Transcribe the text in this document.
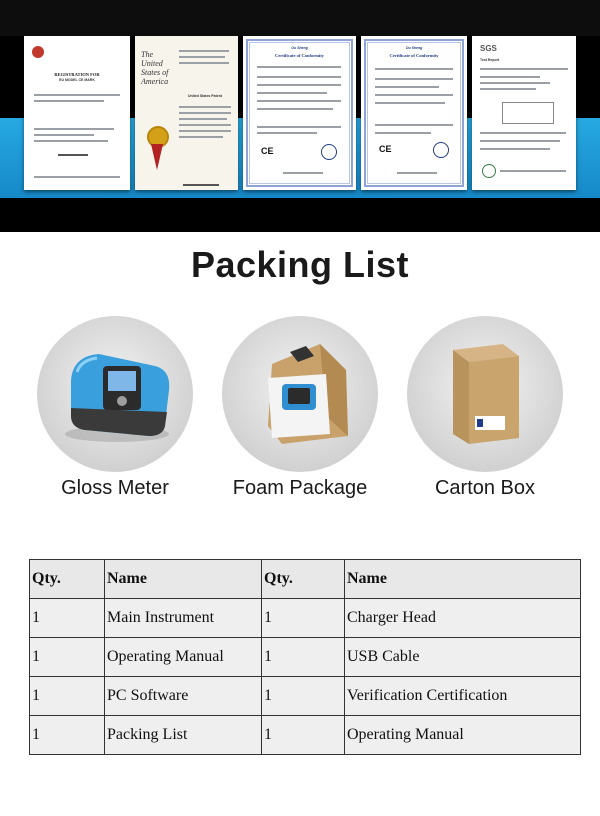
REGISTRATION FOR
EU MODEL CE MARK
The United States of America
United States Patent
Ou Sheng
Certificate of Conformity
CE
Ou Sheng
Certificate of Conformity
CE
SGS
Test Report
Packing List
Gloss Meter	Foam Package	Carton Box
Qty.	Name	Qty.	Name
1	Main Instrument	1	Charger Head
1	Operating Manual	1	USB Cable
1	PC Software	1	Verification Certification
1	Packing List	1	Operating Manual
